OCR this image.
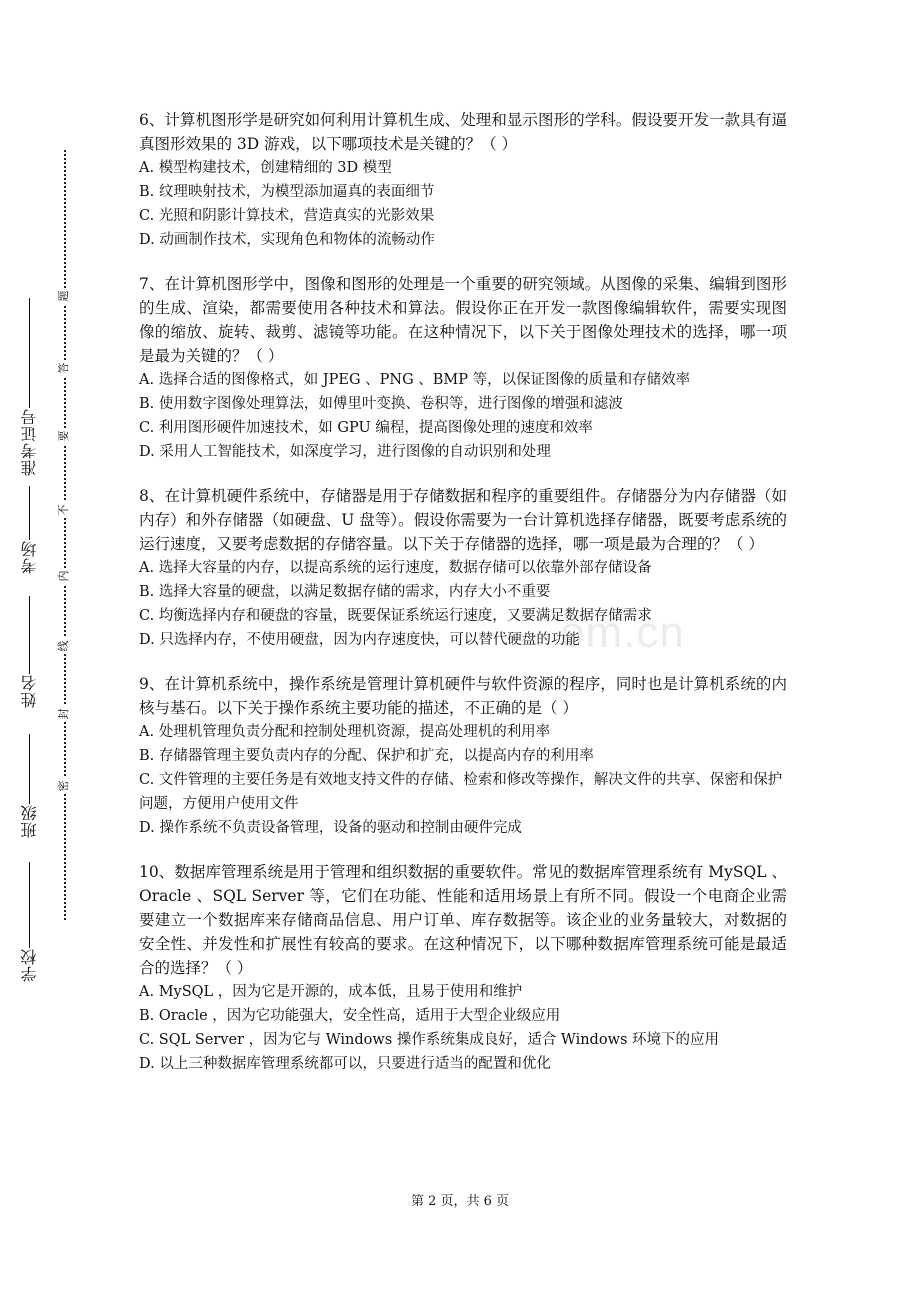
学校
班级
姓名
考场
准考证号
题
答
要
不
内
线
封
密
om.cn

6、计算机图形学是研究如何利用计算机生成、处理和显示图形的学科。假设要开发一款具有逼真图形效果的 3D 游戏，以下哪项技术是关键的？（ ）

A. 模型构建技术，创建精细的 3D 模型

B. 纹理映射技术，为模型添加逼真的表面细节

C. 光照和阴影计算技术，营造真实的光影效果

D. 动画制作技术，实现角色和物体的流畅动作

7、在计算机图形学中，图像和图形的处理是一个重要的研究领域。从图像的采集、编辑到图形的生成、渲染，都需要使用各种技术和算法。假设你正在开发一款图像编辑软件，需要实现图像的缩放、旋转、裁剪、滤镜等功能。在这种情况下，以下关于图像处理技术的选择，哪一项是最为关键的？（ ）

A. 选择合适的图像格式，如 JPEG 、PNG 、BMP 等，以保证图像的质量和存储效率

B. 使用数字图像处理算法，如傅里叶变换、卷积等，进行图像的增强和滤波

C. 利用图形硬件加速技术，如 GPU 编程，提高图像处理的速度和效率

D. 采用人工智能技术，如深度学习，进行图像的自动识别和处理

8、在计算机硬件系统中，存储器是用于存储数据和程序的重要组件。存储器分为内存储器（如内存）和外存储器（如硬盘、U 盘等）。假设你需要为一台计算机选择存储器，既要考虑系统的运行速度，又要考虑数据的存储容量。以下关于存储器的选择，哪一项是最为合理的？（ ）

A. 选择大容量的内存，以提高系统的运行速度，数据存储可以依靠外部存储设备

B. 选择大容量的硬盘，以满足数据存储的需求，内存大小不重要

C. 均衡选择内存和硬盘的容量，既要保证系统运行速度，又要满足数据存储需求

D. 只选择内存，不使用硬盘，因为内存速度快，可以替代硬盘的功能

9、在计算机系统中，操作系统是管理计算机硬件与软件资源的程序，同时也是计算机系统的内核与基石。以下关于操作系统主要功能的描述，不正确的是（ ）

A. 处理机管理负责分配和控制处理机资源，提高处理机的利用率

B. 存储器管理主要负责内存的分配、保护和扩充，以提高内存的利用率

C. 文件管理的主要任务是有效地支持文件的存储、检索和修改等操作，解决文件的共享、保密和保护问题，方便用户使用文件

D. 操作系统不负责设备管理，设备的驱动和控制由硬件完成

10、数据库管理系统是用于管理和组织数据的重要软件。常见的数据库管理系统有 MySQL 、Oracle 、SQL Server 等，它们在功能、性能和适用场景上有所不同。假设一个电商企业需要建立一个数据库来存储商品信息、用户订单、库存数据等。该企业的业务量较大，对数据的安全性、并发性和扩展性有较高的要求。在这种情况下，以下哪种数据库管理系统可能是最适合的选择？（ ）

A. MySQL ，因为它是开源的，成本低，且易于使用和维护

B. Oracle ，因为它功能强大，安全性高，适用于大型企业级应用

C. SQL Server ，因为它与 Windows 操作系统集成良好，适合 Windows 环境下的应用

D. 以上三种数据库管理系统都可以，只要进行适当的配置和优化

第 2 页，共 6 页
